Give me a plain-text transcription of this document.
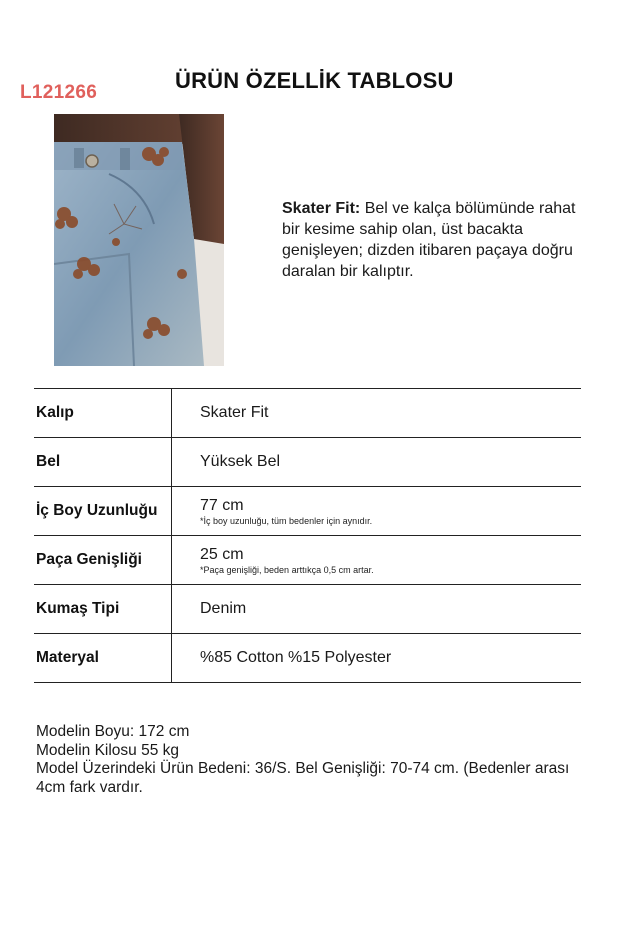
L121266	ÜRÜN ÖZELLİK TABLOSU
Skater Fit: Bel ve kalça bölümünde rahat bir kesime sahip olan, üst bacakta genişleyen; dizden itibaren paçaya doğru daralan bir kalıptır.
Kalıp	Skater Fit
Bel	Yüksek Bel
İç Boy Uzunluğu	77 cm
*İç boy uzunluğu, tüm bedenler için aynıdır.
Paça Genişliği	25 cm
*Paça genişliği, beden arttıkça 0,5 cm artar.
Kumaş Tipi	Denim
Materyal	%85 Cotton %15 Polyester
Modelin Boyu: 172 cm
Modelin Kilosu 55 kg
Model Üzerindeki Ürün Bedeni: 36/S. Bel Genişliği: 70-74 cm. (Bedenler arası 4cm fark vardır.
